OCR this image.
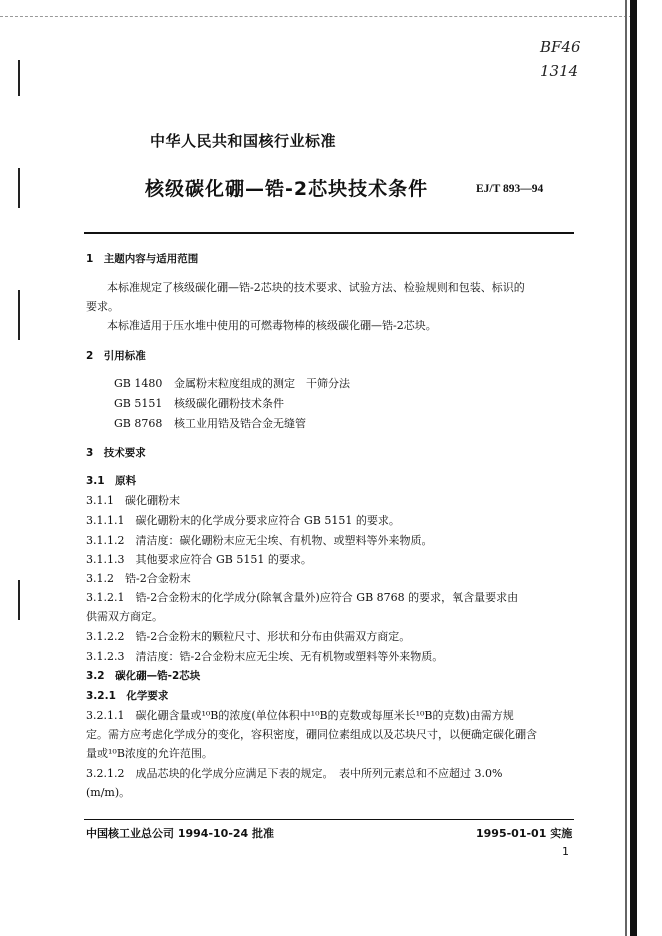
BF46
1314
中华人民共和国核行业标准
核级碳化硼—锆-2芯块技术条件	EJ/T 893—94
1　主题内容与适用范围
本标准规定了核级碳化硼—锆-2芯块的技术要求、试验方法、检验规则和包装、标识的
要求。
本标准适用于压水堆中使用的可燃毒物棒的核级碳化硼—锆-2芯块。
2　引用标准
GB 1480 金属粉末粒度组成的测定　干筛分法
GB 5151 核级碳化硼粉技术条件
GB 8768 核工业用锆及锆合金无缝管
3　技术要求
3.1　原料
3.1.1　碳化硼粉末
3.1.1.1　碳化硼粉末的化学成分要求应符合 GB 5151 的要求。
3.1.1.2　清洁度：碳化硼粉末应无尘埃、有机物、或塑料等外来物质。
3.1.1.3　其他要求应符合 GB 5151 的要求。
3.1.2　锆-2合金粉末
3.1.2.1　锆-2合金粉末的化学成分(除氧含量外)应符合 GB 8768 的要求，氧含量要求由
供需双方商定。
3.1.2.2　锆-2合金粉末的颗粒尺寸、形状和分布由供需双方商定。
3.1.2.3　清洁度：锆-2合金粉末应无尘埃、无有机物或塑料等外来物质。
3.2　碳化硼—锆-2芯块
3.2.1　化学要求
3.2.1.1　碳化硼含量或¹⁰B的浓度(单位体积中¹⁰B的克数或每厘米长¹⁰B的克数)由需方规
定。需方应考虑化学成分的变化，容积密度，硼同位素组成以及芯块尺寸，以便确定碳化硼含
量或¹⁰B浓度的允许范围。
3.2.1.2　成品芯块的化学成分应满足下表的规定。　表中所列元素总和不应超过 3.0%
(m/m)。
中国核工业总公司 1994-10-24 批准	1995-01-01 实施
1
